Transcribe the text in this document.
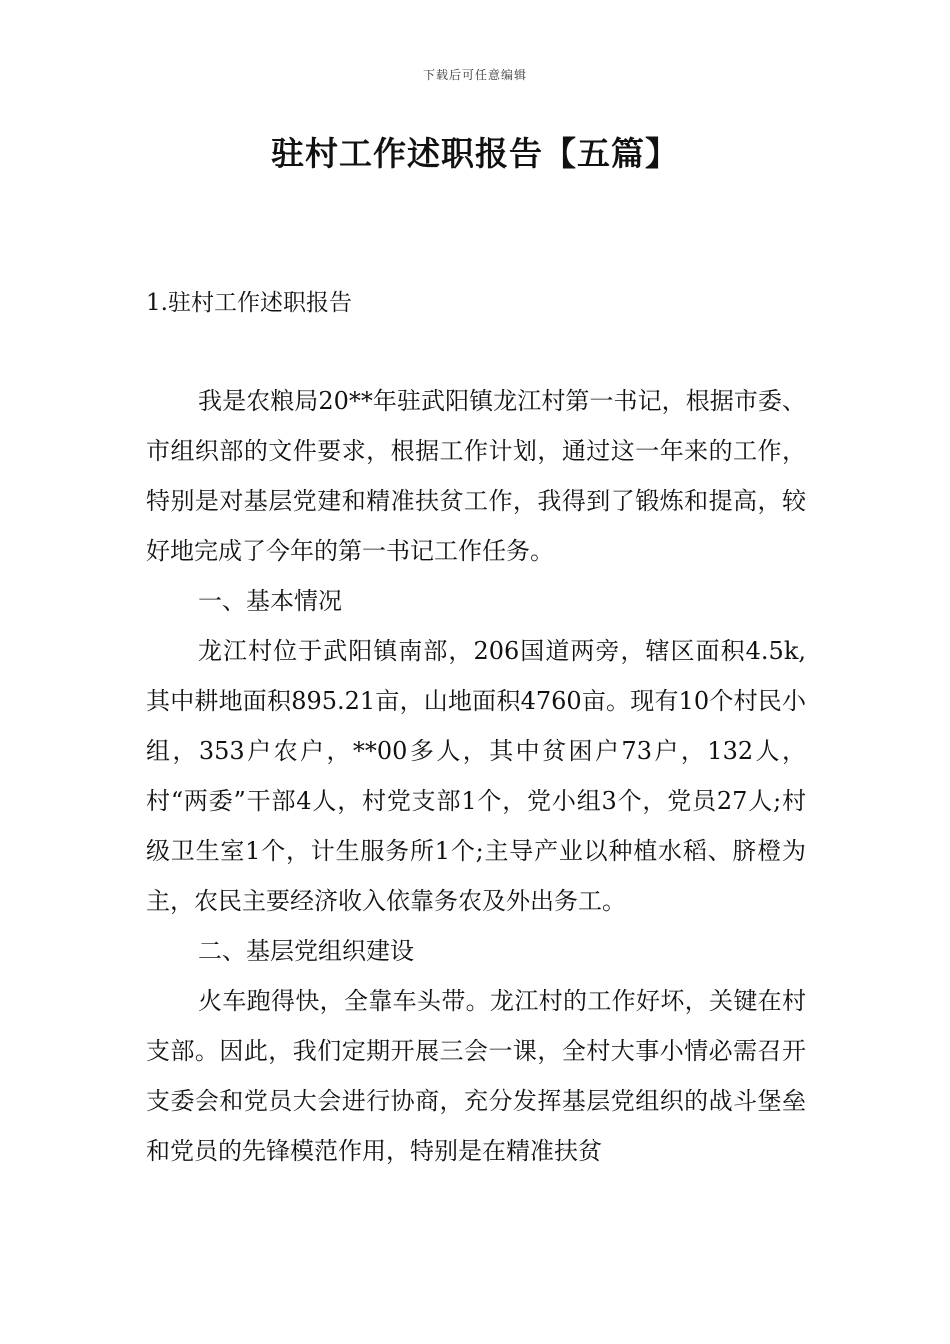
下载后可任意编辑
驻村工作述职报告【五篇】
1.驻村工作述职报告

我是农粮局20**年驻武阳镇龙江村第一书记，根据市委、市组织部的文件要求，根据工作计划，通过这一年来的工作，特别是对基层党建和精准扶贫工作，我得到了锻炼和提高，较好地完成了今年的第一书记工作任务。

一、基本情况

龙江村位于武阳镇南部，206国道两旁，辖区面积4.5k,其中耕地面积895.21亩，山地面积4760亩。现有10个村民小组，353户农户，**00多人，其中贫困户73户，132人，村“两委”干部4人，村党支部1个，党小组3个，党员27人;村级卫生室1个，计生服务所1个;主导产业以种植水稻、脐橙为主，农民主要经济收入依靠务农及外出务工。

二、基层党组织建设

火车跑得快，全靠车头带。龙江村的工作好坏，关键在村支部。因此，我们定期开展三会一课，全村大事小情必需召开支委会和党员大会进行协商，充分发挥基层党组织的战斗堡垒和党员的先锋模范作用，特别是在精准扶贫
